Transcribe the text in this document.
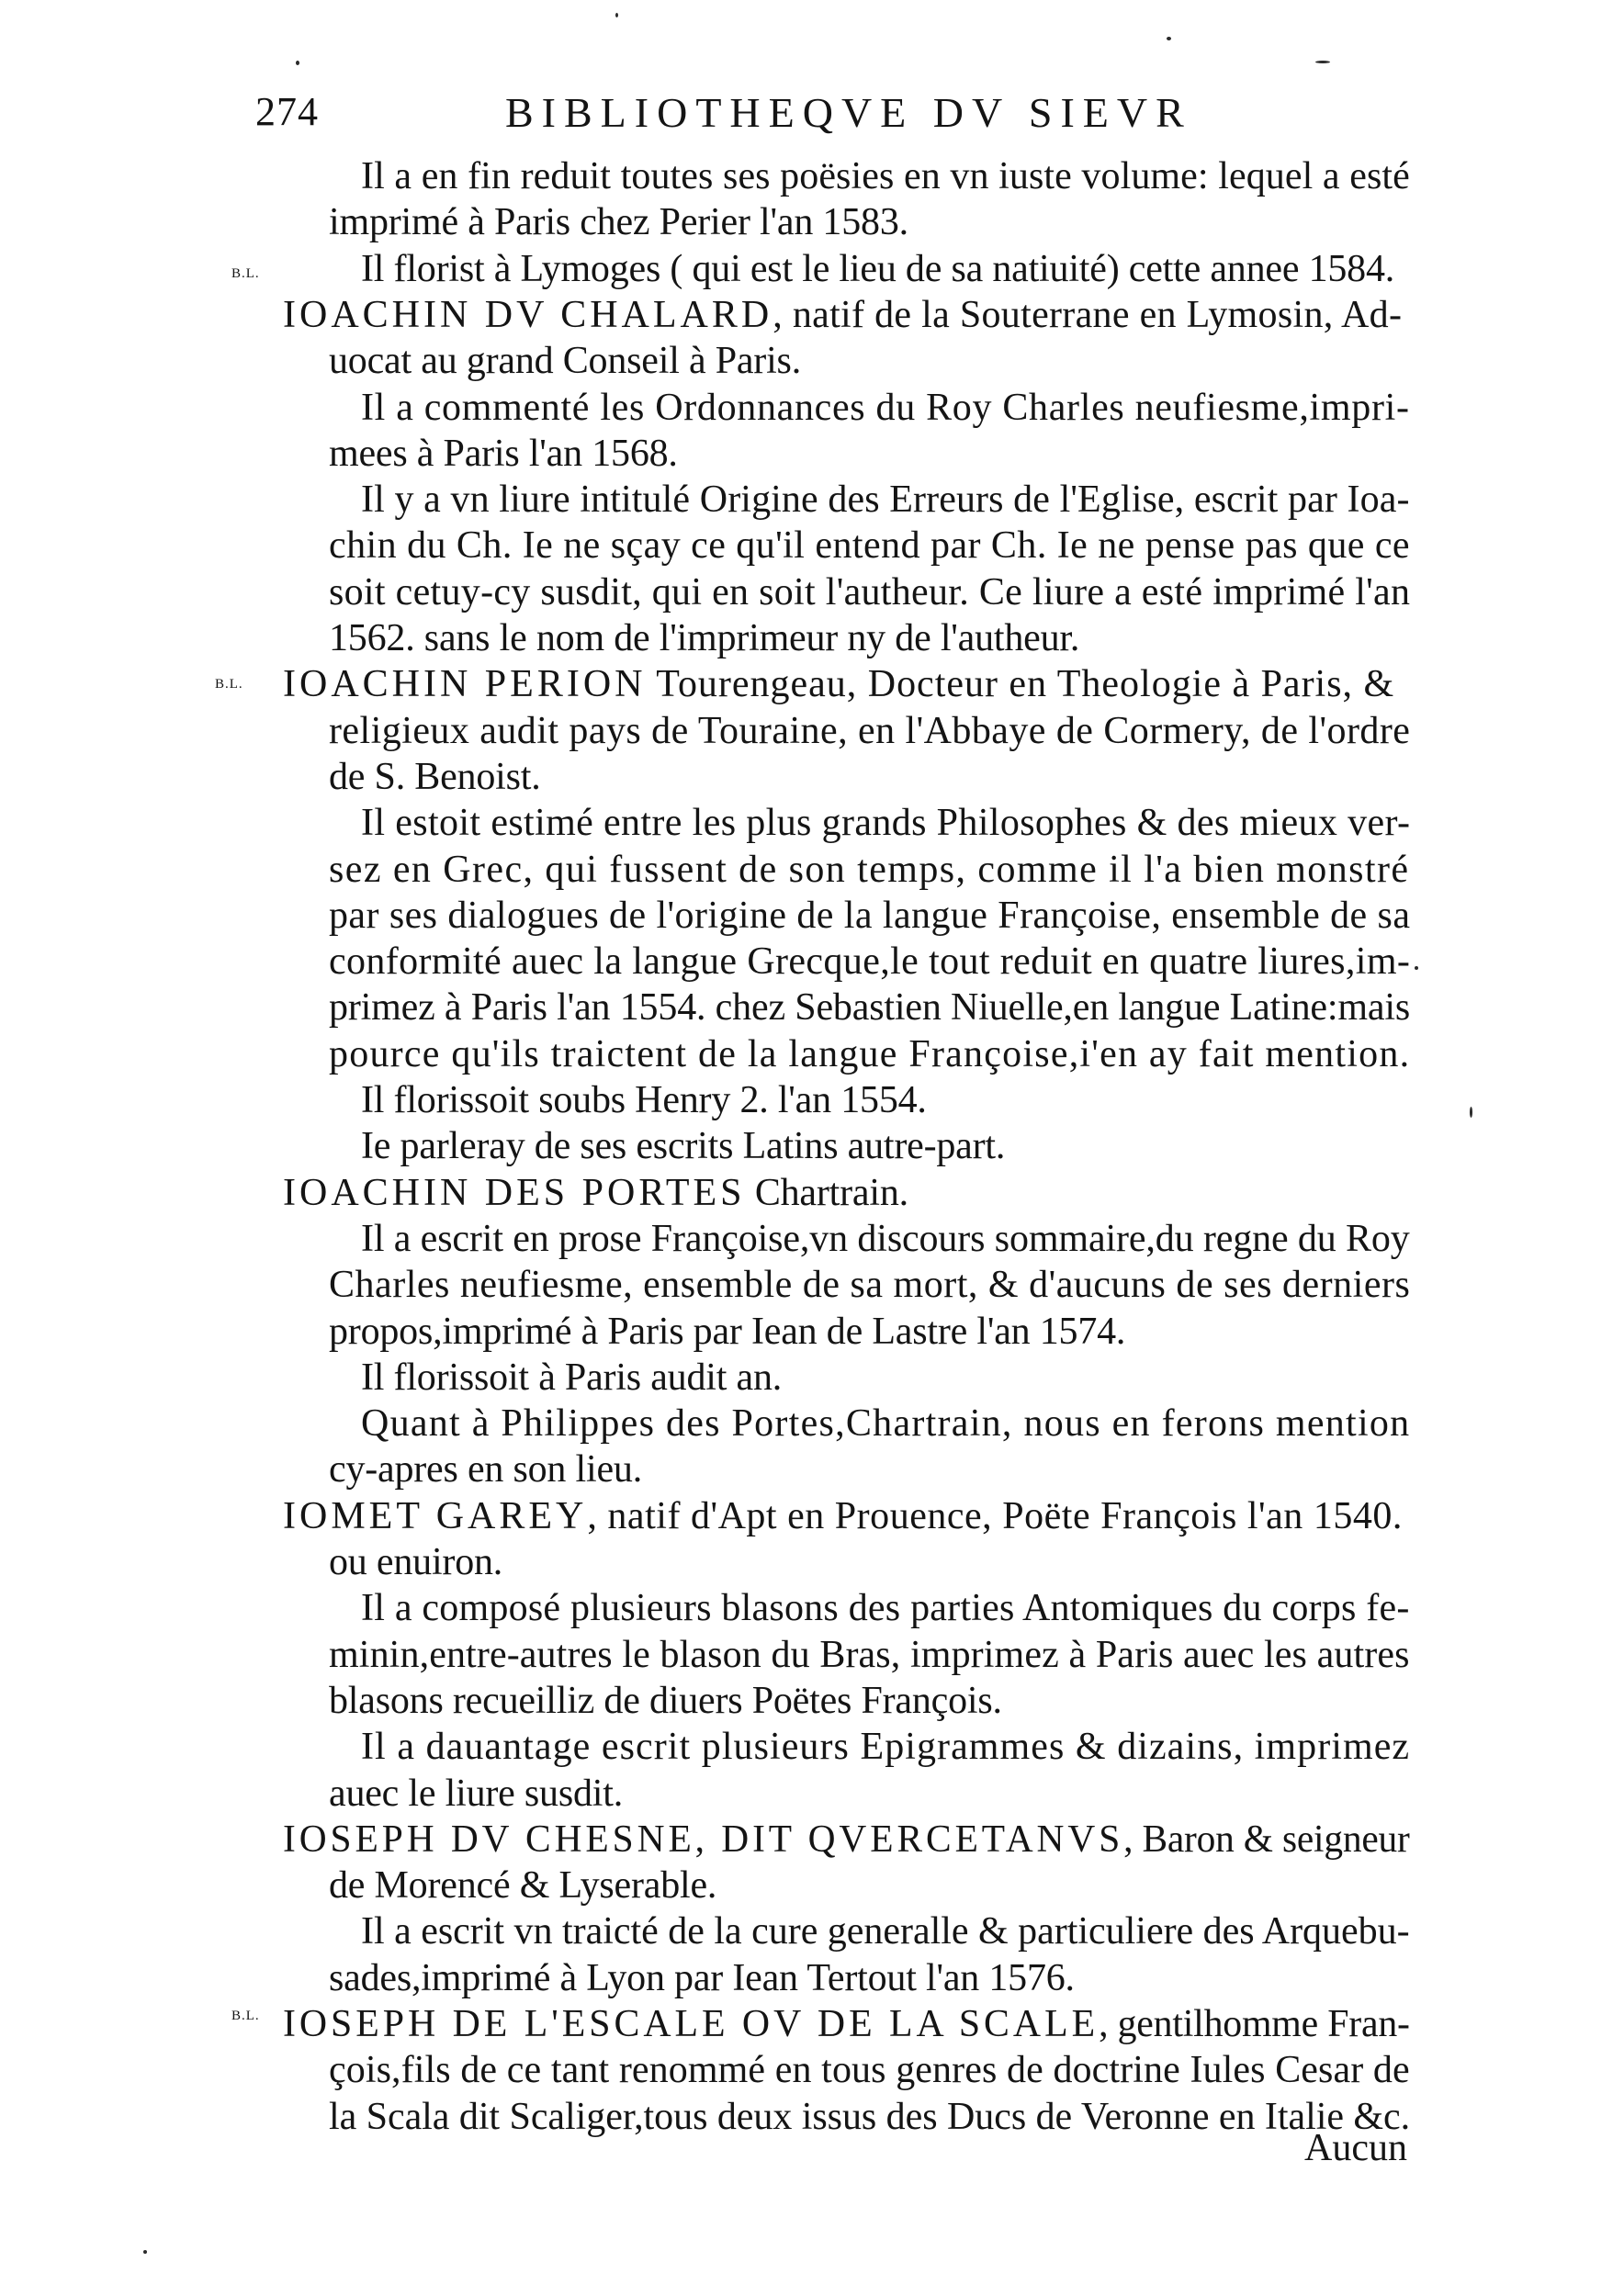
274	BIBLIOTHEQVE DV SIEVR
B.L.
B.L.
B.L.
Il a en fin reduit toutes ses poësies en vn iuste volume: lequel a esté
imprimé à Paris chez Perier l'an 1583.
Il florist à Lymoges ( qui est le lieu de sa natiuité) cette annee 1584.
IOACHIN DV CHALARD, natif de la Souterrane en Lymosin, Ad-
uocat au grand Conseil à Paris.
Il a commenté les Ordonnances du Roy Charles neufiesme,impri-
mees à Paris l'an 1568.
Il y a vn liure intitulé Origine des Erreurs de l'Eglise, escrit par Ioa-
chin du Ch. Ie ne sçay ce qu'il entend par Ch. Ie ne pense pas que ce
soit cetuy-cy susdit, qui en soit l'autheur. Ce liure a esté imprimé l'an
1562. sans le nom de l'imprimeur ny de l'autheur.
IOACHIN PERION Tourengeau, Docteur en Theologie à Paris, &
religieux audit pays de Touraine, en l'Abbaye de Cormery, de l'ordre
de S. Benoist.
Il estoit estimé entre les plus grands Philosophes & des mieux ver-
sez en Grec, qui fussent de son temps, comme il l'a bien monstré
par ses dialogues de l'origine de la langue Françoise, ensemble de sa
conformité auec la langue Grecque,le tout reduit en quatre liures,im-
primez à Paris l'an 1554. chez Sebastien Niuelle,en langue Latine:mais
pource qu'ils traictent de la langue Françoise,i'en ay fait mention.
Il florissoit soubs Henry 2. l'an 1554.
Ie parleray de ses escrits Latins autre-part.
IOACHIN DES PORTES Chartrain.
Il a escrit en prose Françoise,vn discours sommaire,du regne du Roy
Charles neufiesme, ensemble de sa mort, & d'aucuns de ses derniers
propos,imprimé à Paris par Iean de Lastre l'an 1574.
Il florissoit à Paris audit an.
Quant à Philippes des Portes,Chartrain, nous en ferons mention
cy-apres en son lieu.
IOMET GAREY, natif d'Apt en Prouence, Poëte François l'an 1540.
ou enuiron.
Il a composé plusieurs blasons des parties Antomiques du corps fe-
minin,entre-autres le blason du Bras, imprimez à Paris auec les autres
blasons recueilliz de diuers Poëtes François.
Il a dauantage escrit plusieurs Epigrammes & dizains, imprimez
auec le liure susdit.
IOSEPH DV CHESNE, DIT QVERCETANVS, Baron & seigneur
de Morencé & Lyserable.
Il a escrit vn traicté de la cure generalle & particuliere des Arquebu-
sades,imprimé à Lyon par Iean Tertout l'an 1576.
IOSEPH DE L'ESCALE OV DE LA SCALE, gentilhomme Fran-
çois,fils de ce tant renommé en tous genres de doctrine Iules Cesar de
la Scala dit Scaliger,tous deux issus des Ducs de Veronne en Italie &c.
Aucun
